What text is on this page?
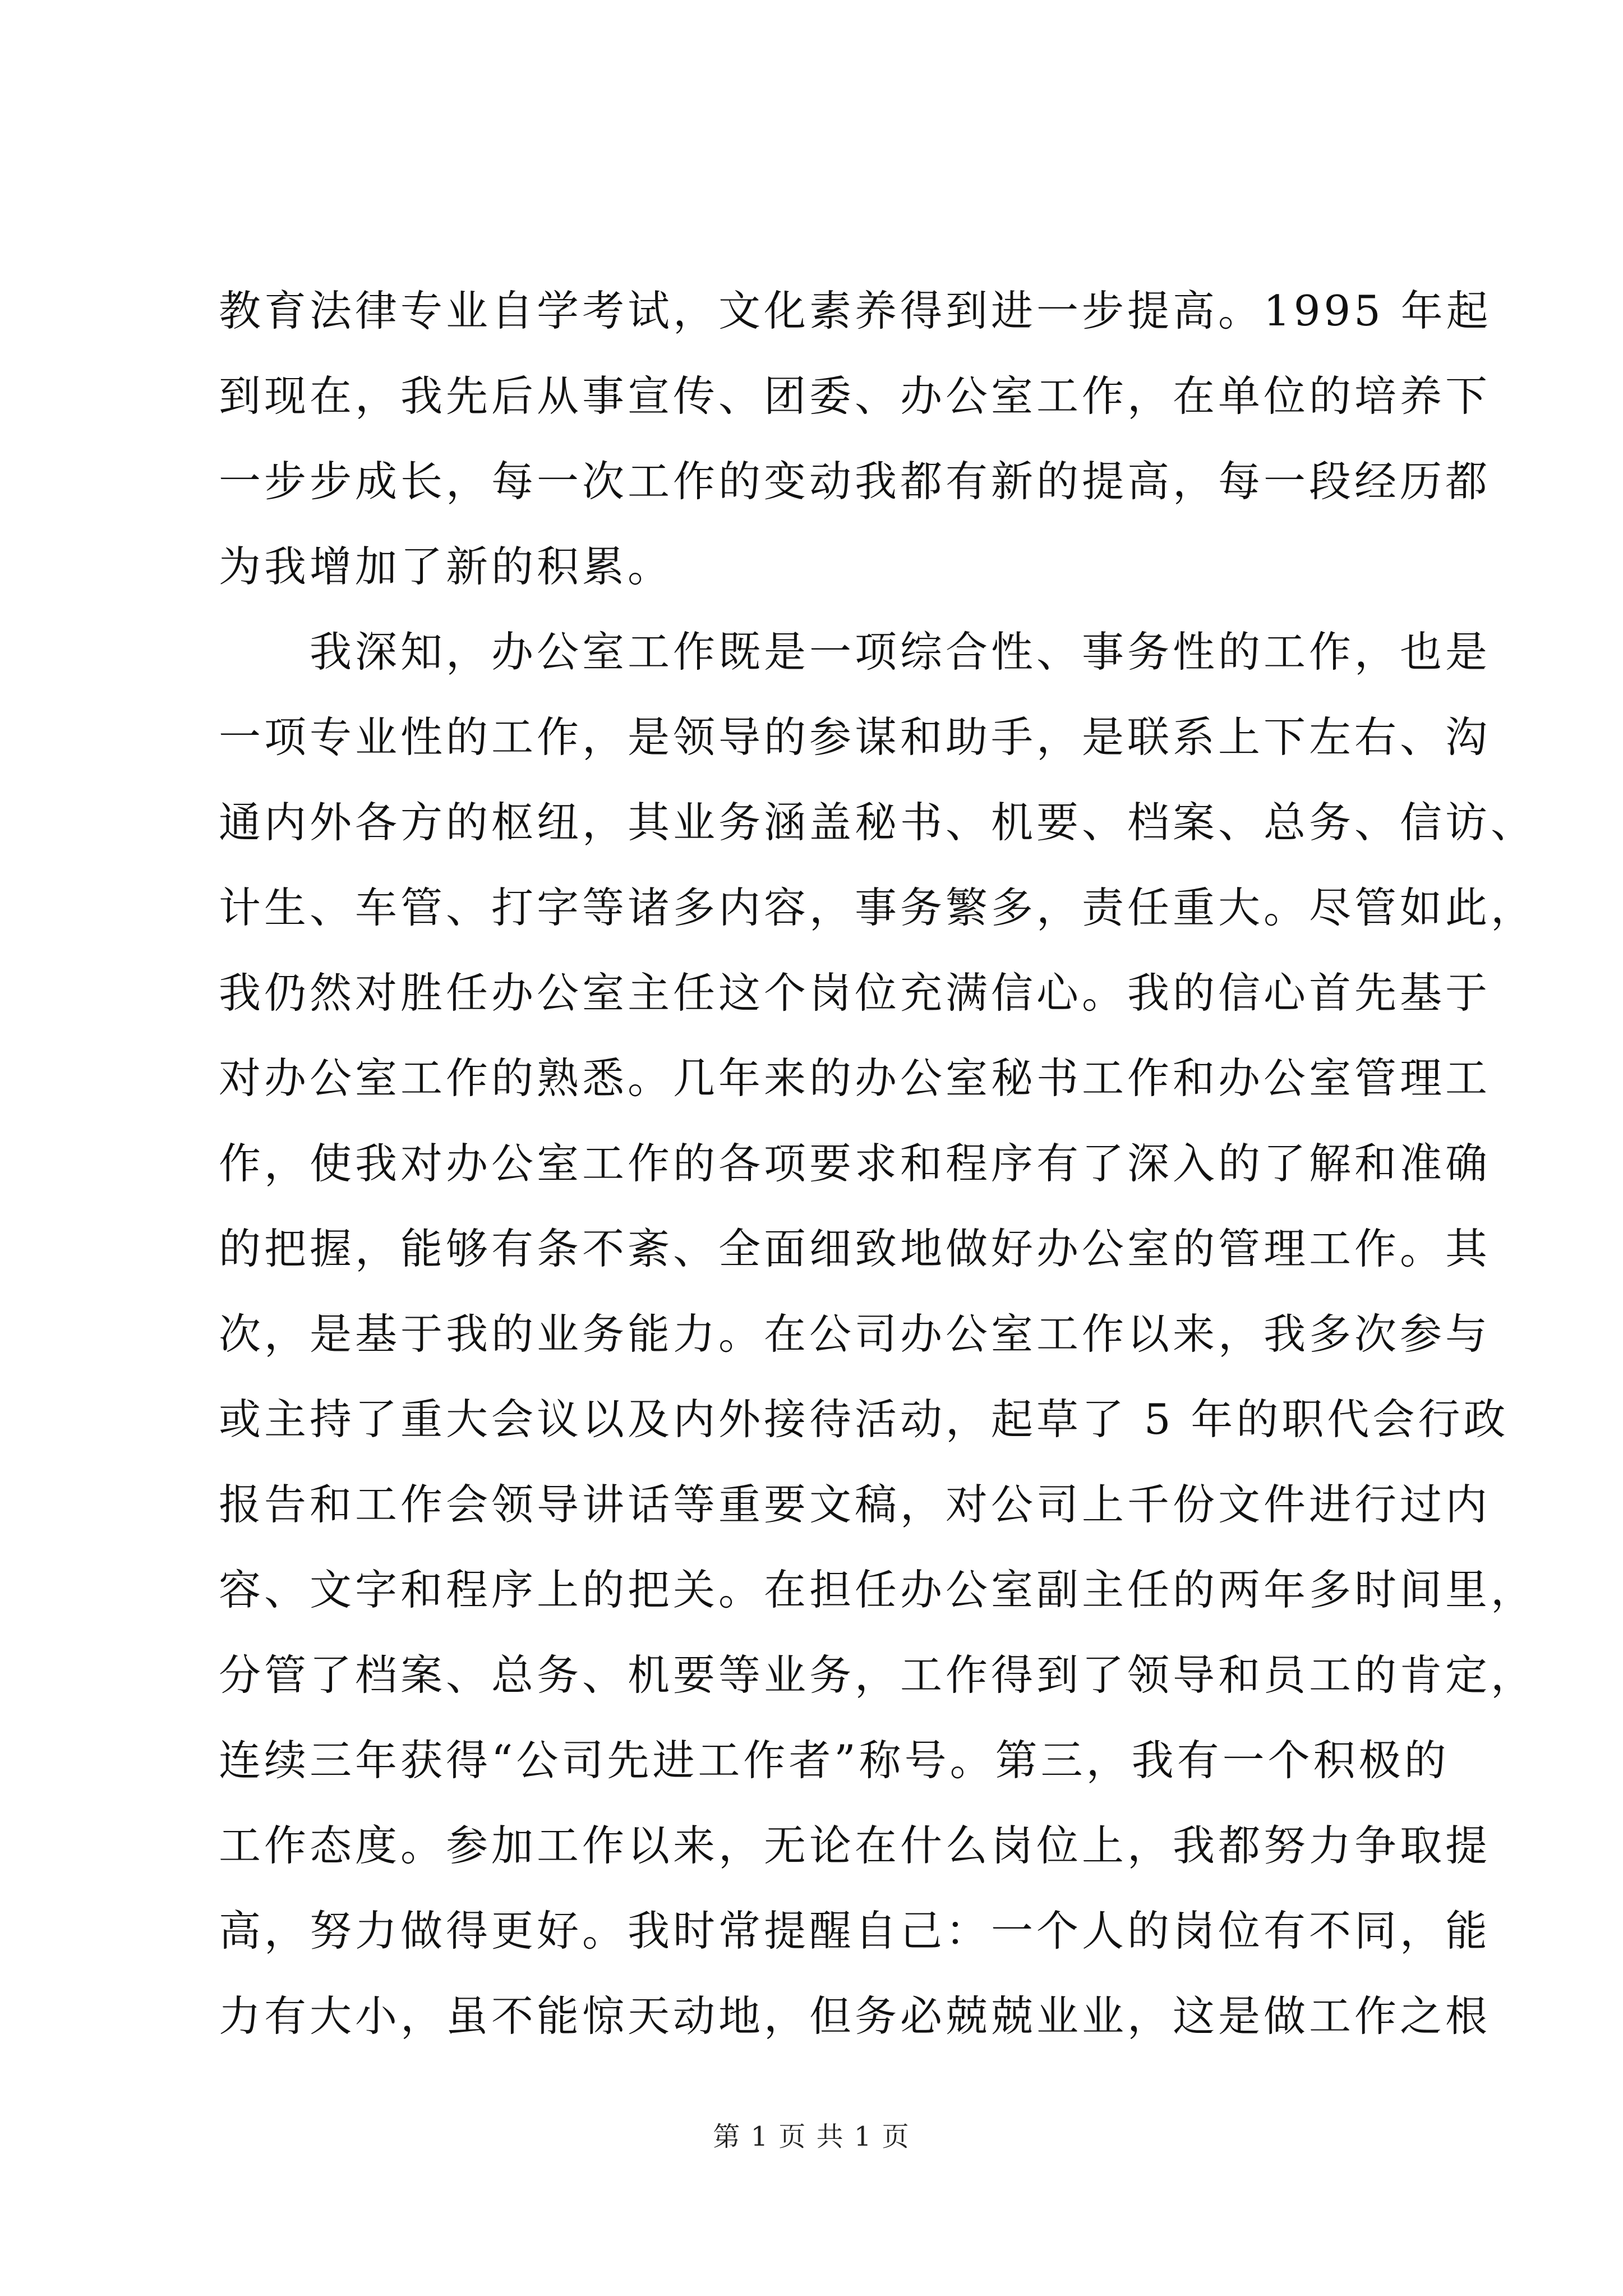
教育法律专业自学考试，文化素养得到进一步提高。1995 年起
到现在，我先后从事宣传、团委、办公室工作，在单位的培养下
一步步成长，每一次工作的变动我都有新的提高，每一段经历都
为我增加了新的积累。
　　我深知，办公室工作既是一项综合性、事务性的工作，也是
一项专业性的工作，是领导的参谋和助手，是联系上下左右、沟
通内外各方的枢纽，其业务涵盖秘书、机要、档案、总务、信访、
计生、车管、打字等诸多内容，事务繁多，责任重大。尽管如此，
我仍然对胜任办公室主任这个岗位充满信心。我的信心首先基于
对办公室工作的熟悉。几年来的办公室秘书工作和办公室管理工
作，使我对办公室工作的各项要求和程序有了深入的了解和准确
的把握，能够有条不紊、全面细致地做好办公室的管理工作。其
次，是基于我的业务能力。在公司办公室工作以来，我多次参与
或主持了重大会议以及内外接待活动，起草了 5 年的职代会行政
报告和工作会领导讲话等重要文稿，对公司上千份文件进行过内
容、文字和程序上的把关。在担任办公室副主任的两年多时间里，
分管了档案、总务、机要等业务，工作得到了领导和员工的肯定，
连续三年获得“公司先进工作者”称号。第三，我有一个积极的
工作态度。参加工作以来，无论在什么岗位上，我都努力争取提
高，努力做得更好。我时常提醒自己：一个人的岗位有不同，能
力有大小，虽不能惊天动地，但务必兢兢业业，这是做工作之根
第 1 页 共 1 页
